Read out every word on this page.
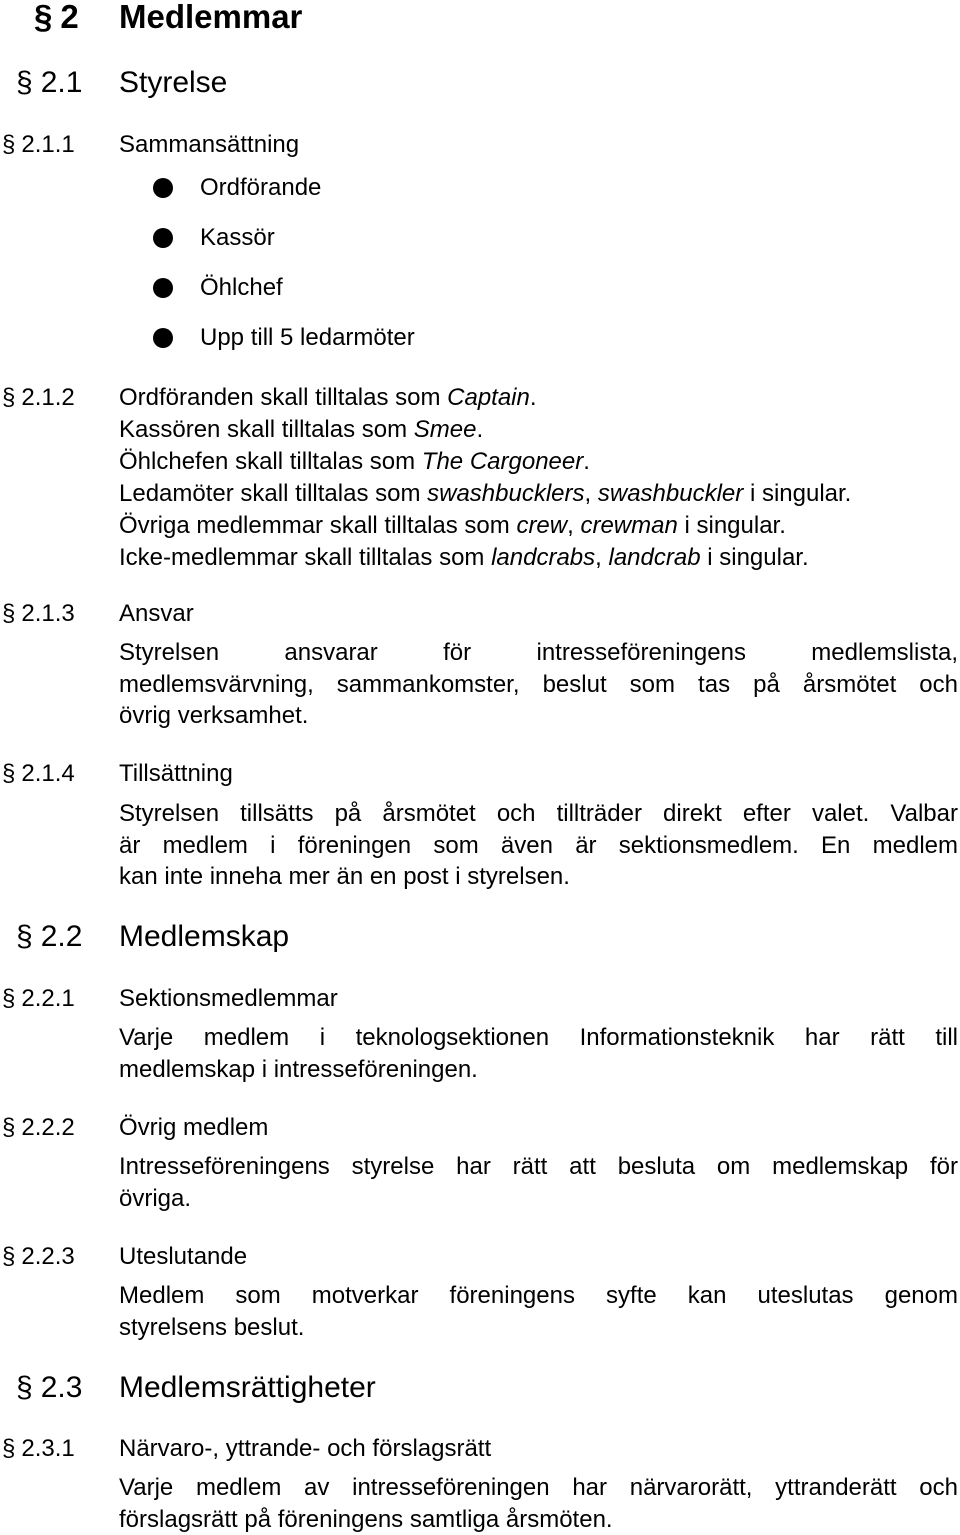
§ 2 Medlemmar
§ 2.1 Styrelse
§ 2.1.1 Sammansättning
Ordförande
Kassör
Öhlchef
Upp till 5 ledarmöter
§ 2.1.2 Ordföranden skall tilltalas som Captain.
Kassören skall tilltalas som Smee.
Öhlchefen skall tilltalas som The Cargoneer.
Ledamöter skall tilltalas som swashbucklers, swashbuckler i singular.
Övriga medlemmar skall tilltalas som crew, crewman i singular.
Icke-medlemmar skall tilltalas som landcrabs, landcrab i singular.
§ 2.1.3 Ansvar
Styrelsen ansvarar för intresseföreningens medlemslista,
medlemsvärvning, sammankomster, beslut som tas på årsmötet och
övrig verksamhet.
§ 2.1.4 Tillsättning
Styrelsen tillsätts på årsmötet och tillträder direkt efter valet. Valbar
är medlem i föreningen som även är sektionsmedlem. En medlem
kan inte inneha mer än en post i styrelsen.
§ 2.2 Medlemskap
§ 2.2.1 Sektionsmedlemmar
Varje medlem i teknologsektionen Informationsteknik har rätt till
medlemskap i intresseföreningen.
§ 2.2.2 Övrig medlem
Intresseföreningens styrelse har rätt att besluta om medlemskap för
övriga.
§ 2.2.3 Uteslutande
Medlem som motverkar föreningens syfte kan uteslutas genom
styrelsens beslut.
§ 2.3 Medlemsrättigheter
§ 2.3.1 Närvaro-, yttrande- och förslagsrätt
Varje medlem av intresseföreningen har närvarorätt, yttranderätt och
förslagsrätt på föreningens samtliga årsmöten.
